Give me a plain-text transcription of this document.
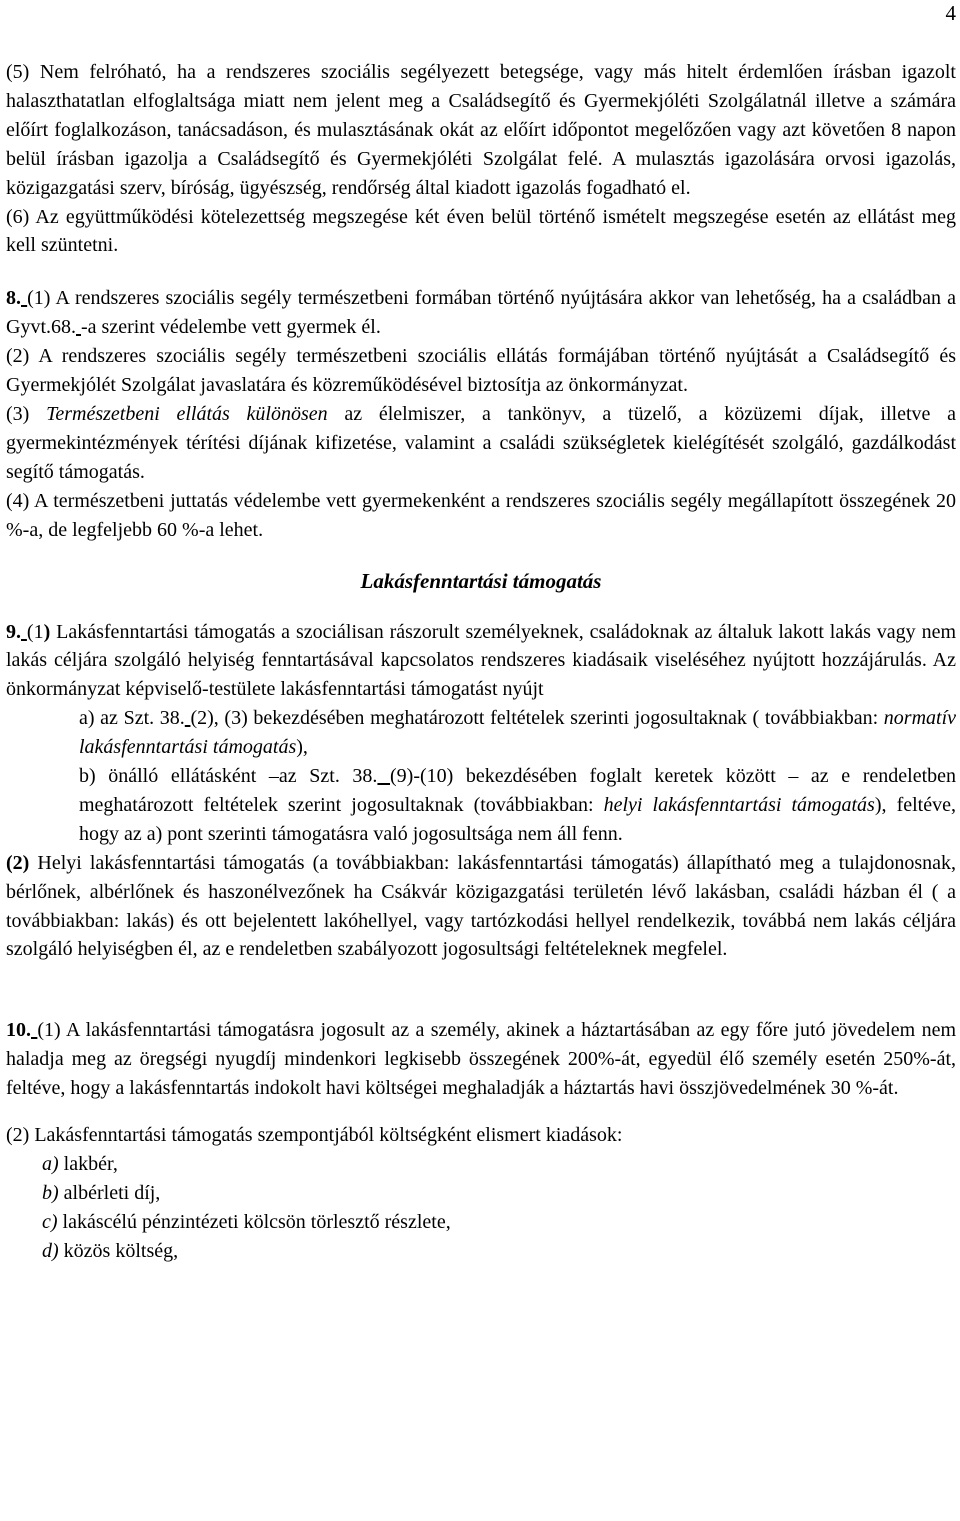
4

(5) Nem felróható, ha a rendszeres szociális segélyezett betegsége, vagy más hitelt érdemlően írásban igazolt halaszthatatlan elfoglaltsága miatt nem jelent meg a Családsegítő és Gyermekjóléti Szolgálatnál illetve a számára előírt foglalkozáson, tanácsadáson, és mulasztásának okát az előírt időpontot megelőzően vagy azt követően 8 napon belül írásban igazolja a Családsegítő és Gyermekjóléti Szolgálat felé. A mulasztás igazolására orvosi igazolás, közigazgatási szerv, bíróság, ügyészség, rendőrség által kiadott igazolás fogadható el.

(6) Az együttműködési kötelezettség megszegése két éven belül történő ismételt megszegése esetén az ellátást meg kell szüntetni.

8. (1) A rendszeres szociális segély természetbeni formában történő nyújtására akkor van lehetőség, ha a családban a Gyvt.68. -a szerint védelembe vett gyermek él.

(2) A rendszeres szociális segély természetbeni szociális ellátás formájában történő nyújtását a Családsegítő és Gyermekjólét Szolgálat javaslatára és közreműködésével biztosítja az önkormányzat.

(3) Természetbeni ellátás különösen az élelmiszer, a tankönyv, a tüzelő, a közüzemi díjak, illetve a gyermekintézmények térítési díjának kifizetése, valamint a családi szükségletek kielégítését szolgáló, gazdálkodást segítő támogatás.

(4) A természetbeni juttatás védelembe vett gyermekenként a rendszeres szociális segély megállapított összegének 20 %-a, de legfeljebb 60 %-a lehet.

Lakásfenntartási támogatás

9. (1) Lakásfenntartási támogatás a szociálisan rászorult személyeknek, családoknak az általuk lakott lakás vagy nem lakás céljára szolgáló helyiség fenntartásával kapcsolatos rendszeres kiadásaik viseléséhez nyújtott hozzájárulás. Az önkormányzat képviselő-testülete lakásfenntartási támogatást nyújt

a) az Szt. 38. (2), (3) bekezdésében meghatározott feltételek szerinti jogosultaknak ( továbbiakban: normatív lakásfenntartási támogatás),

b) önálló ellátásként –az Szt. 38. (9)-(10) bekezdésében foglalt keretek között – az e rendeletben meghatározott feltételek szerint jogosultaknak (továbbiakban: helyi lakásfenntartási támogatás), feltéve, hogy az a) pont szerinti támogatásra való jogosultsága nem áll fenn.

(2) Helyi lakásfenntartási támogatás (a továbbiakban: lakásfenntartási támogatás) állapítható meg a tulajdonosnak, bérlőnek, albérlőnek és haszonélvezőnek ha Csákvár közigazgatási területén lévő lakásban, családi házban él ( a továbbiakban: lakás) és ott bejelentett lakóhellyel, vagy tartózkodási hellyel rendelkezik, továbbá nem lakás céljára szolgáló helyiségben él, az e rendeletben szabályozott jogosultsági feltételeknek megfelel.

10. (1) A lakásfenntartási támogatásra jogosult az a személy, akinek a háztartásában az egy főre jutó jövedelem nem haladja meg az öregségi nyugdíj mindenkori legkisebb összegének 200%-át, egyedül élő személy esetén 250%-át, feltéve, hogy a lakásfenntartás indokolt havi költségei meghaladják a háztartás havi összjövedelmének 30 %-át.

(2) Lakásfenntartási támogatás szempontjából költségként elismert kiadások:

a) lakbér,

b) albérleti díj,

c) lakáscélú pénzintézeti kölcsön törlesztő részlete,

d) közös költség,
